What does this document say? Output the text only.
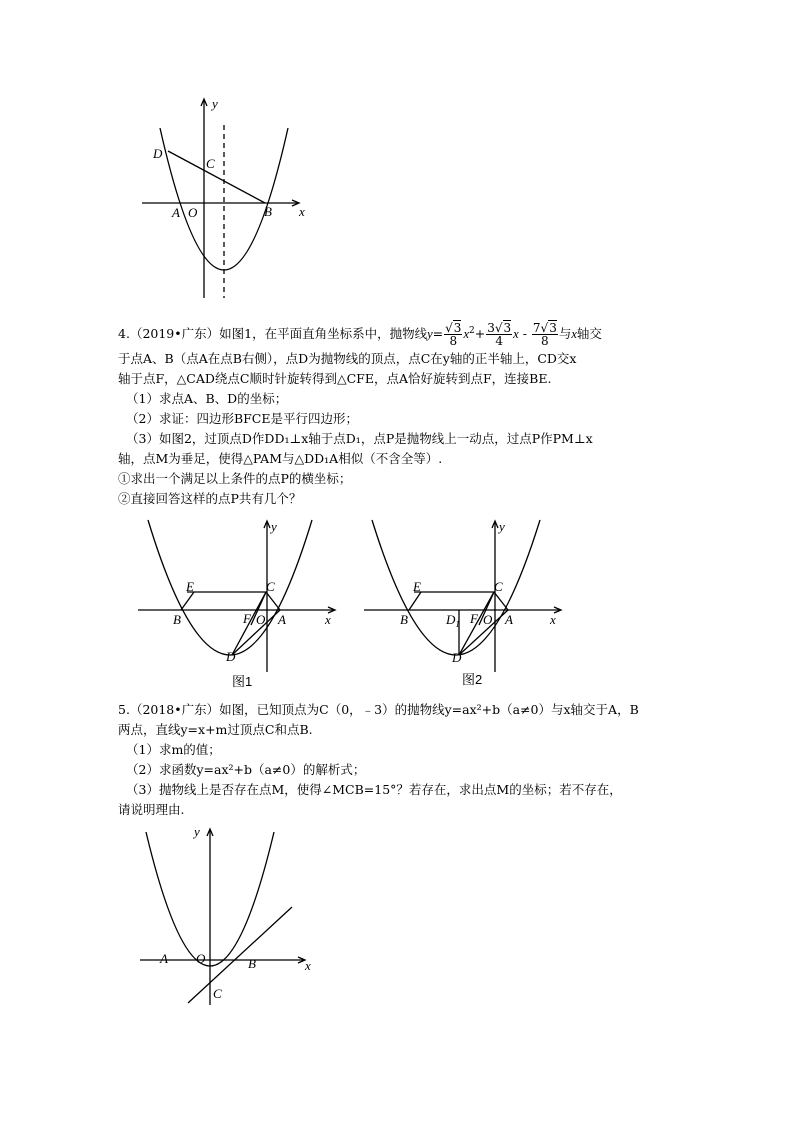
y
D
C
A O	B x
4.（2019•广东）如图1，在平面直角坐标系中，抛物线$y= \frac{√3}{8} x^2+ \frac{3√3}{4}$ x - $\frac{7√3}{8}$ 与x轴交
于点A、B（点A在点B右侧），点D为抛物线的顶点，点C在y轴的正半轴上，CD交x
轴于点F，△CAD绕点C顺时针旋转得到△CFE，点A恰好旋转到点F，连接BE.
（1）求点A、B、D的坐标；
（2）求证：四边形BFCE是平行四边形；
（3）如图2，过顶点D作DD₁⊥x轴于点D₁，点P是抛物线上一动点，过点P作PM⊥x
轴，点M为垂足，使得△PAM与△DD₁A相似（不含全等）.
①求出一个满足以上条件的点P的横坐标；
②直接回答这样的点P共有几个？
y
E	C
B	F O A	x
D
图1
y
E	C
B	$D_1$ F O A	x
D
图2
5.（2018•广东）如图，已知顶点为C（0，﹣3）的抛物线y=ax²+b（a≠0）与x轴交于A，B
两点，直线y=x+m过顶点C和点B.
（1）求m的值；
（2）求函数y=ax²+b（a≠0）的解析式；
（3）抛物线上是否存在点M，使得∠MCB=15°？若存在，求出点M的坐标；若不存在，
请说明理由.
y
A O	B	x
C
